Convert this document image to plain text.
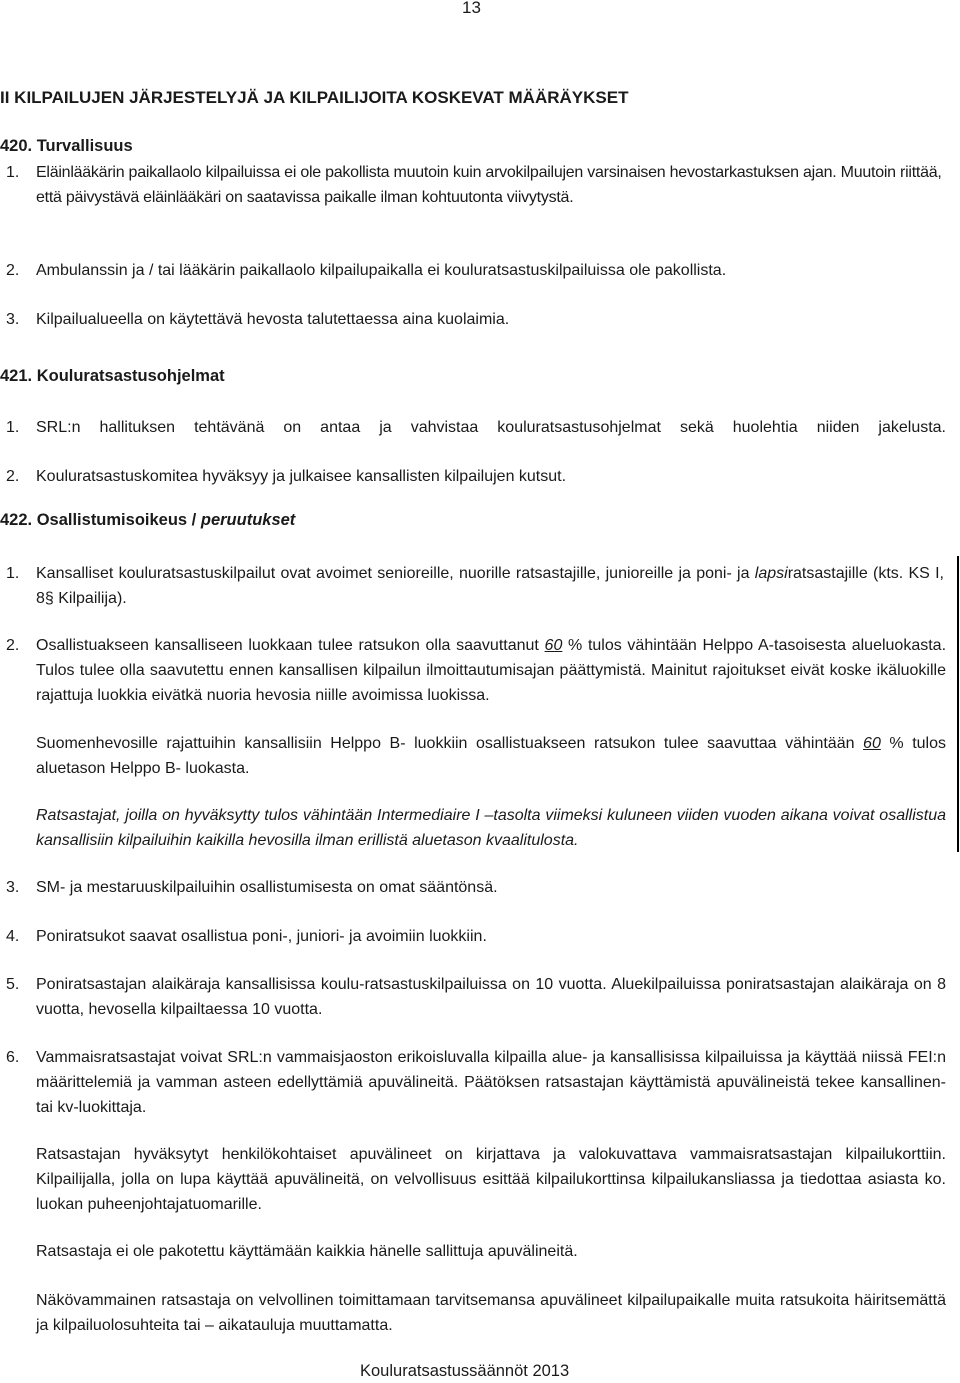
13
II KILPAILUJEN JÄRJESTELYJÄ JA KILPAILIJOITA KOSKEVAT MÄÄRÄYKSET
420. Turvallisuus
1.	Eläinlääkärin paikallaolo kilpailuissa ei ole pakollista muutoin kuin arvokilpailujen varsinaisen hevostarkastuksen ajan. Muutoin riittää, että päivystävä eläinlääkäri on saatavissa paikalle ilman kohtuutonta viivytystä.
2.	Ambulanssin ja / tai lääkärin paikallaolo kilpailupaikalla ei kouluratsastuskilpailuissa ole pakollista.
3.	Kilpailualueella on käytettävä hevosta talutettaessa aina kuolaimia.
421. Kouluratsastusohjelmat
1.	SRL:n hallituksen tehtävänä on antaa ja vahvistaa kouluratsastusohjelmat sekä huolehtia niiden jakelusta.
2.	Kouluratsastuskomitea hyväksyy ja julkaisee kansallisten kilpailujen kutsut.
422. Osallistumisoikeus / peruutukset
1.	Kansalliset kouluratsastuskilpailut ovat avoimet senioreille, nuorille ratsastajille, junioreille ja poni- ja lapsiratsastajille (kts. KS I, 8§ Kilpailija).
2.	Osallistuakseen kansalliseen luokkaan tulee ratsukon olla saavuttanut 60 % tulos vähintään Helppo A-tasoisesta alueluokasta. Tulos tulee olla saavutettu ennen kansallisen kilpailun ilmoittautumisajan päättymistä. Mainitut rajoitukset eivät koske ikäluokille rajattuja luokkia eivätkä nuoria hevosia niille avoimissa luokissa.
Suomenhevosille rajattuihin kansallisiin Helppo B- luokkiin osallistuakseen ratsukon tulee saavuttaa vähintään 60 % tulos aluetason Helppo B- luokasta.
Ratsastajat, joilla on hyväksytty tulos vähintään Intermediaire I –tasolta viimeksi kuluneen viiden vuoden aikana voivat osallistua kansallisiin kilpailuihin kaikilla hevosilla ilman erillistä aluetason kvaalitulosta.
3.	SM- ja mestaruuskilpailuihin osallistumisesta on omat sääntönsä.
4.	Poniratsukot saavat osallistua poni-, juniori- ja avoimiin luokkiin.
5.	Poniratsastajan alaikäraja kansallisissa koulu-ratsastuskilpailuissa on 10 vuotta. Aluekilpailuissa poniratsastajan alaikäraja on 8 vuotta, hevosella kilpailtaessa 10 vuotta.
6.	Vammaisratsastajat voivat SRL:n vammaisjaoston erikoisluvalla kilpailla alue- ja kansallisissa kilpailuissa ja käyttää niissä FEI:n määrittelemiä ja vamman asteen edellyttämiä apuvälineitä. Päätöksen ratsastajan käyttämistä apuvälineistä tekee kansallinen- tai kv-luokittaja.
Ratsastajan hyväksytyt henkilökohtaiset apuvälineet on kirjattava ja valokuvattava vammaisratsastajan kilpailukorttiin. Kilpailijalla, jolla on lupa käyttää apuvälineitä, on velvollisuus esittää kilpailukorttinsa kilpailukansliassa ja tiedottaa asiasta ko. luokan puheenjohtajatuomarille.
Ratsastaja ei ole pakotettu käyttämään kaikkia hänelle sallittuja apuvälineitä.
Näkövammainen ratsastaja on velvollinen toimittamaan tarvitsemansa apuvälineet kilpailupaikalle muita ratsukoita häiritsemättä ja kilpailuolosuhteita tai – aikatauluja muuttamatta.
Kouluratsastussäännöt 2013
